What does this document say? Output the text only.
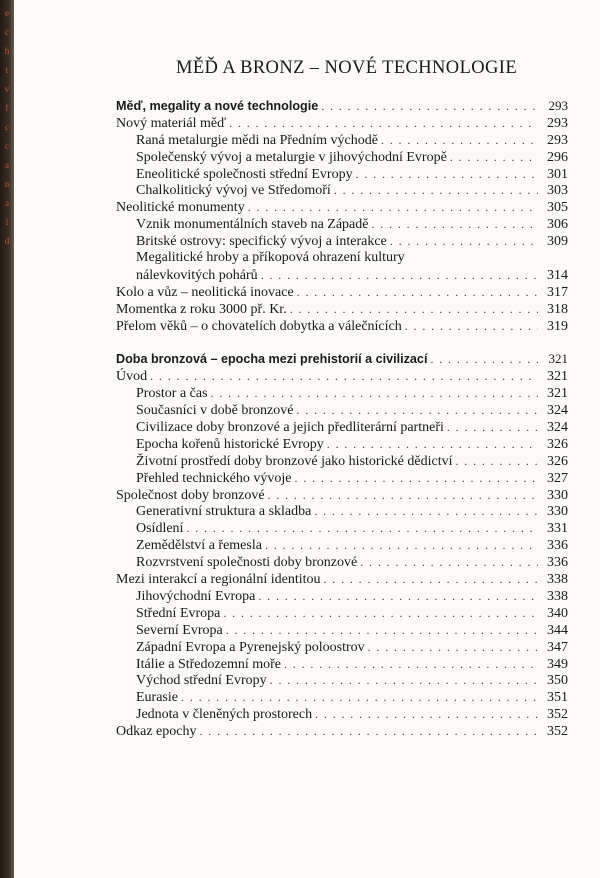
e
c
h
t
v
ř
c
c
a
n
a
l
d
MĚĎ A BRONZ – NOVÉ TECHNOLOGIE
Měď, megality a nové technologie . . .	293
Nový materiál měď . . .	293
Raná metalurgie mědi na Předním východě . . .	293
Společenský vývoj a metalurgie v jihovýchodní Evropě . . .	296
Eneolitické společnosti střední Evropy . . .	301
Chalkolitický vývoj ve Středomoří . . .	303
Neolitické monumenty . . .	305
Vznik monumentálních staveb na Západě . . .	306
Britské ostrovy: specifický vývoj a interakce . . .	309
Megalitické hroby a příkopová ohrazení kultury
nálevkovitých pohárů . . .	314
Kolo a vůz – neolitická inovace . . .	317
Momentka z roku 3000 př. Kr. . . .	318
Přelom věků – o chovatelích dobytka a válečnících . . .	319
Doba bronzová – epocha mezi prehistorií a civilizací . . .	321
Úvod . . .	321
Prostor a čas . . .	321
Současníci v době bronzové . . .	324
Civilizace doby bronzové a jejich předliterární partneři . . .	324
Epocha kořenů historické Evropy . . .	326
Životní prostředí doby bronzové jako historické dědictví . . .	326
Přehled technického vývoje . . .	327
Společnost doby bronzové . . .	330
Generativní struktura a skladba . . .	330
Osídlení . . .	331
Zemědělství a řemesla . . .	336
Rozvrstvení společnosti doby bronzové . . .	336
Mezi interakcí a regionální identitou . . .	338
Jihovýchodní Evropa . . .	338
Střední Evropa . . .	340
Severní Evropa . . .	344
Západní Evropa a Pyrenejský poloostrov . . .	347
Itálie a Středozemní moře . . .	349
Východ střední Evropy . . .	350
Eurasie . . .	351
Jednota v členěných prostorech . . .	352
Odkaz epochy . . .	352
